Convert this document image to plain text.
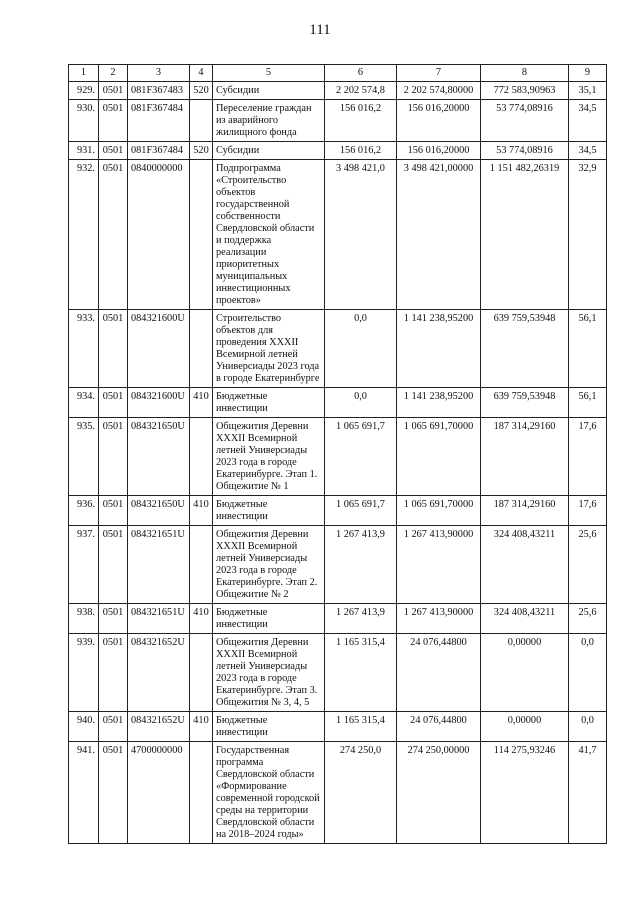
111
1	2	3	4	5	6	7	8	9
929.	0501	081F367483	520	Субсидии	2 202 574,8	2 202 574,80000	772 583,90963	35,1
930.	0501	081F367484		Переселение граждан из аварийного жилищного фонда	156 016,2	156 016,20000	53 774,08916	34,5
931.	0501	081F367484	520	Субсидии	156 016,2	156 016,20000	53 774,08916	34,5
932.	0501	0840000000		Подпрограмма «Строительство объектов государственной собственности Свердловской области и поддержка реализации приоритетных муниципальных инвестиционных проектов»	3 498 421,0	3 498 421,00000	1 151 482,26319	32,9
933.	0501	084321600U		Строительство объектов для проведения XXXII Всемирной летней Универсиады 2023 года в городе Екатеринбурге	0,0	1 141 238,95200	639 759,53948	56,1
934.	0501	084321600U	410	Бюджетные инвестиции	0,0	1 141 238,95200	639 759,53948	56,1
935.	0501	084321650U		Общежития Деревни XXXII Всемирной летней Универсиады 2023 года в городе Екатеринбурге. Этап 1. Общежитие № 1	1 065 691,7	1 065 691,70000	187 314,29160	17,6
936.	0501	084321650U	410	Бюджетные инвестиции	1 065 691,7	1 065 691,70000	187 314,29160	17,6
937.	0501	084321651U		Общежития Деревни XXXII Всемирной летней Универсиады 2023 года в городе Екатеринбурге. Этап 2. Общежитие № 2	1 267 413,9	1 267 413,90000	324 408,43211	25,6
938.	0501	084321651U	410	Бюджетные инвестиции	1 267 413,9	1 267 413,90000	324 408,43211	25,6
939.	0501	084321652U		Общежития Деревни XXXII Всемирной летней Универсиады 2023 года в городе Екатеринбурге. Этап 3. Общежития № 3, 4, 5	1 165 315,4	24 076,44800	0,00000	0,0
940.	0501	084321652U	410	Бюджетные инвестиции	1 165 315,4	24 076,44800	0,00000	0,0
941.	0501	4700000000		Государственная программа Свердловской области «Формирование современной городской среды на территории Свердловской области на 2018–2024 годы»	274 250,0	274 250,00000	114 275,93246	41,7
